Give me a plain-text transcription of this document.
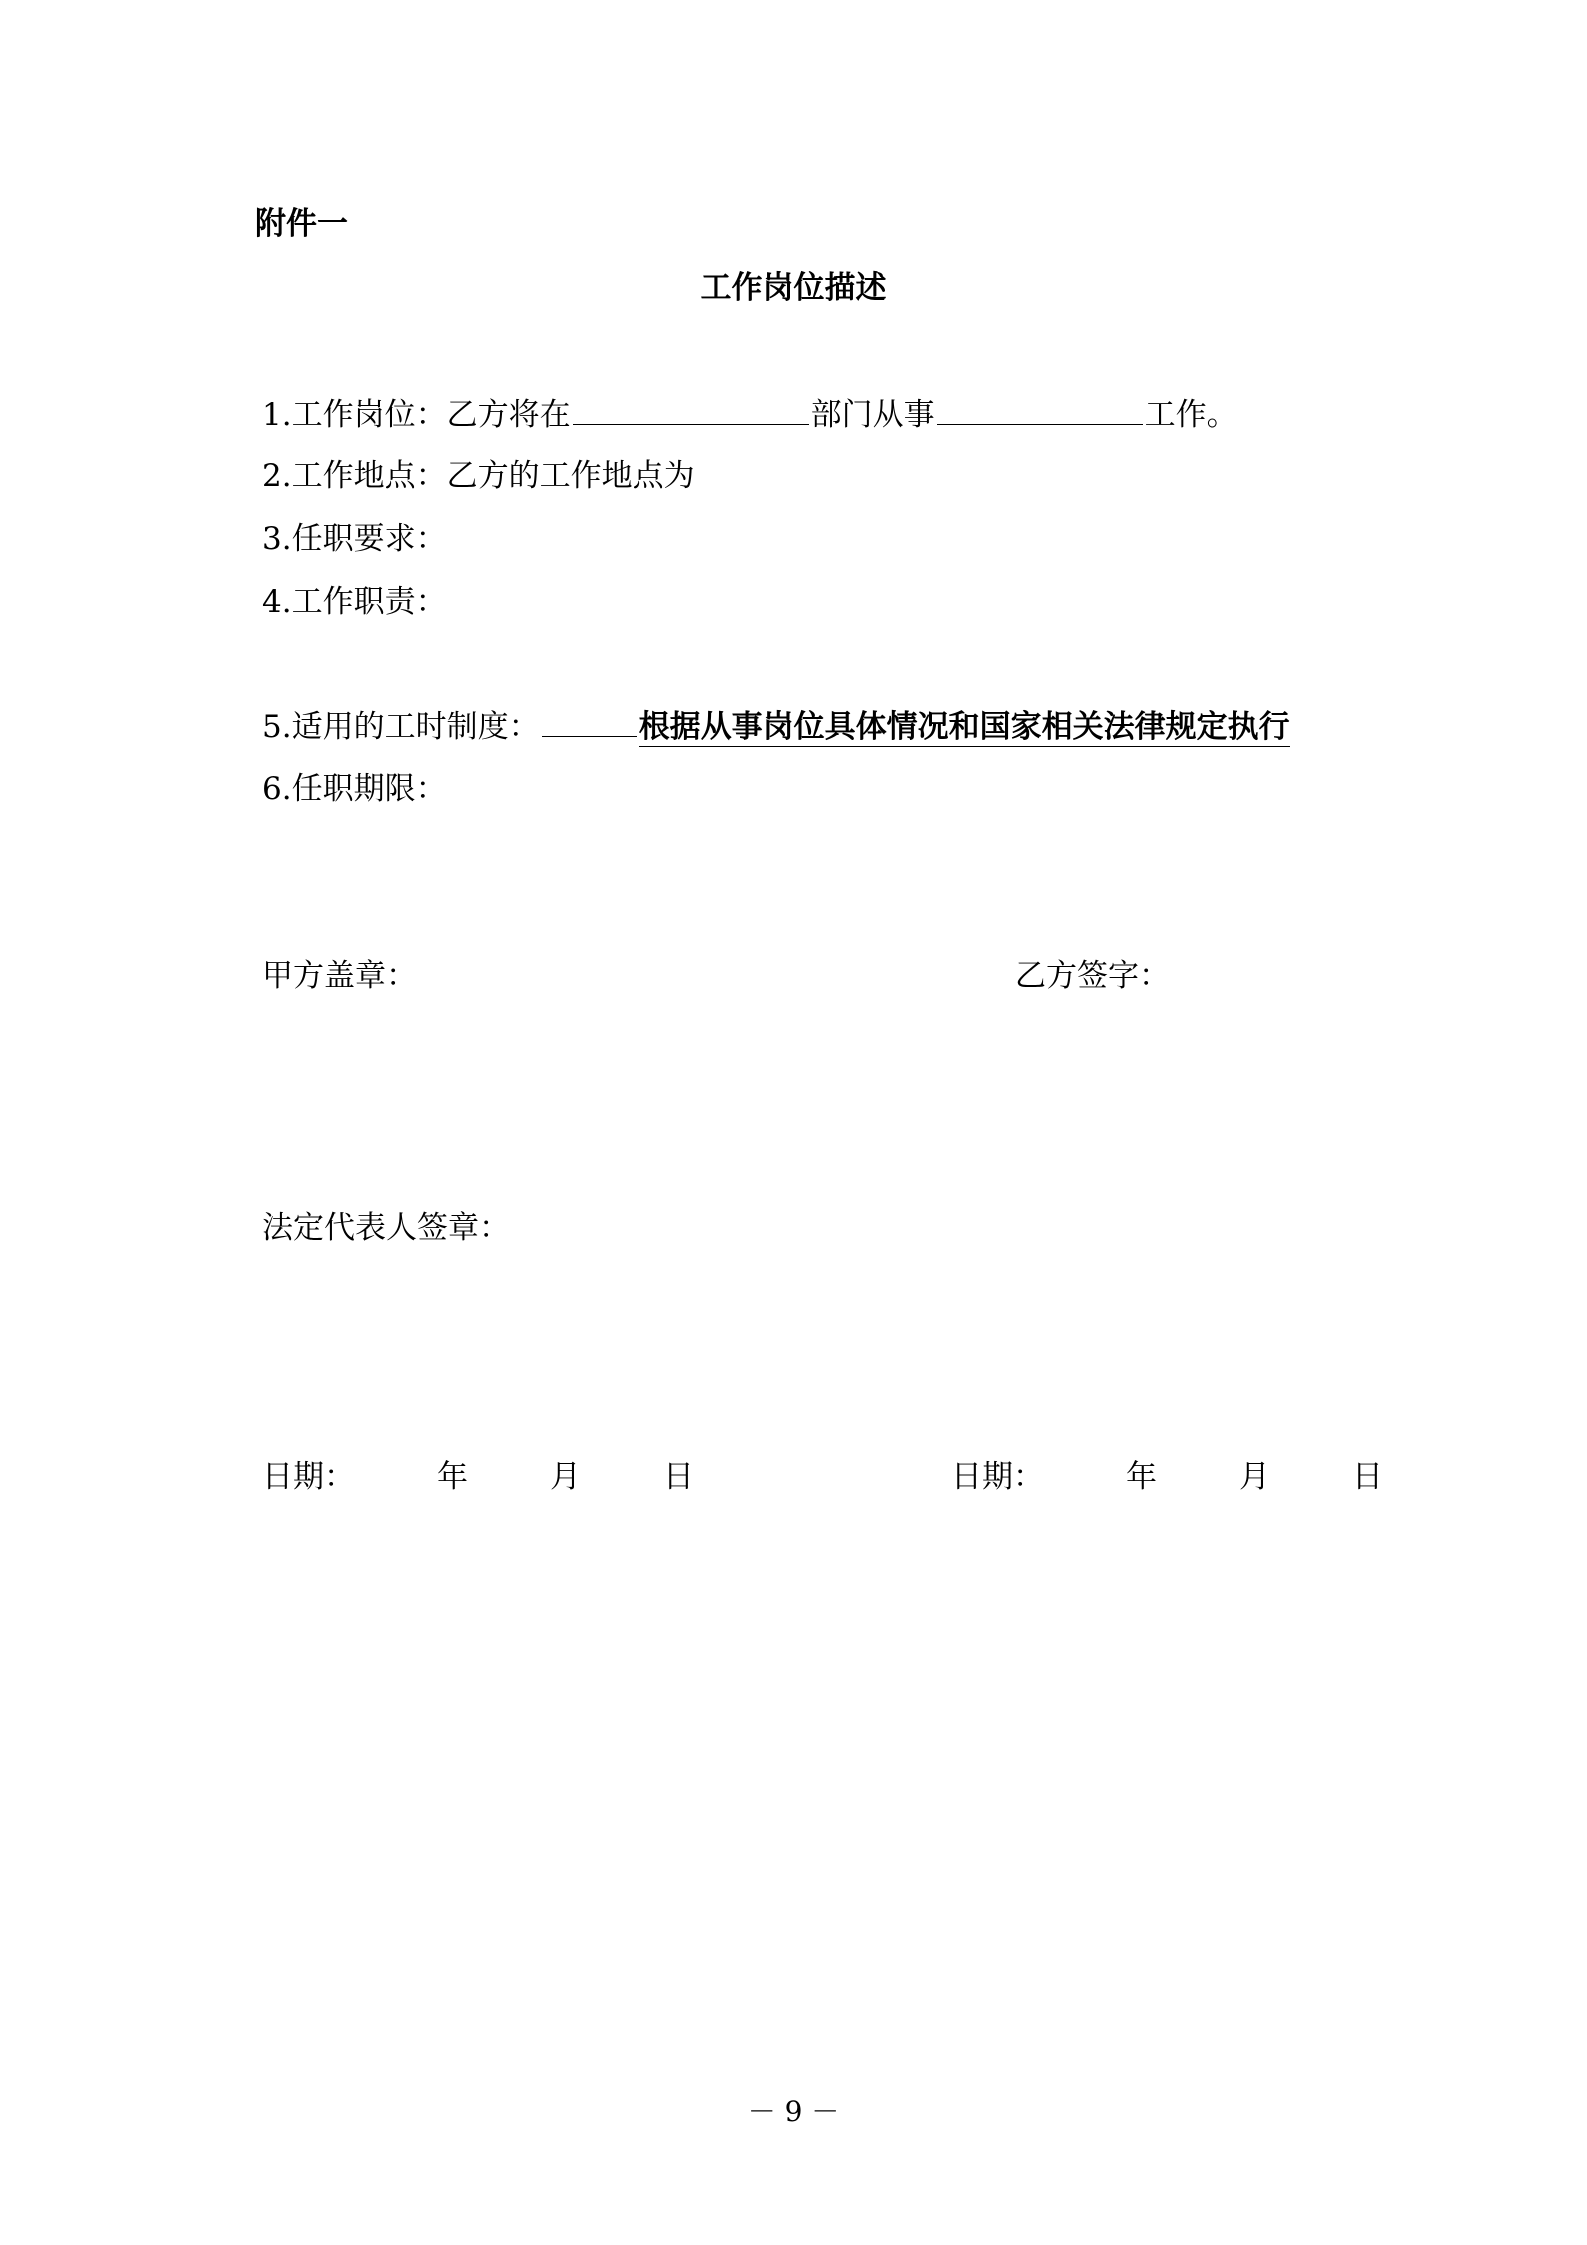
附件一
工作岗位描述
1.工作岗位：乙方将在	部门从事	工作。
2.工作地点：乙方的工作地点为
3.任职要求：
4.工作职责：
5.适用的工时制度：	根据从事岗位具体情况和国家相关法律规定执行
6.任职期限：
甲方盖章：	乙方签字：
法定代表人签章：
日期：	年	月	日	日期：	年	月	日
－ 9 －
